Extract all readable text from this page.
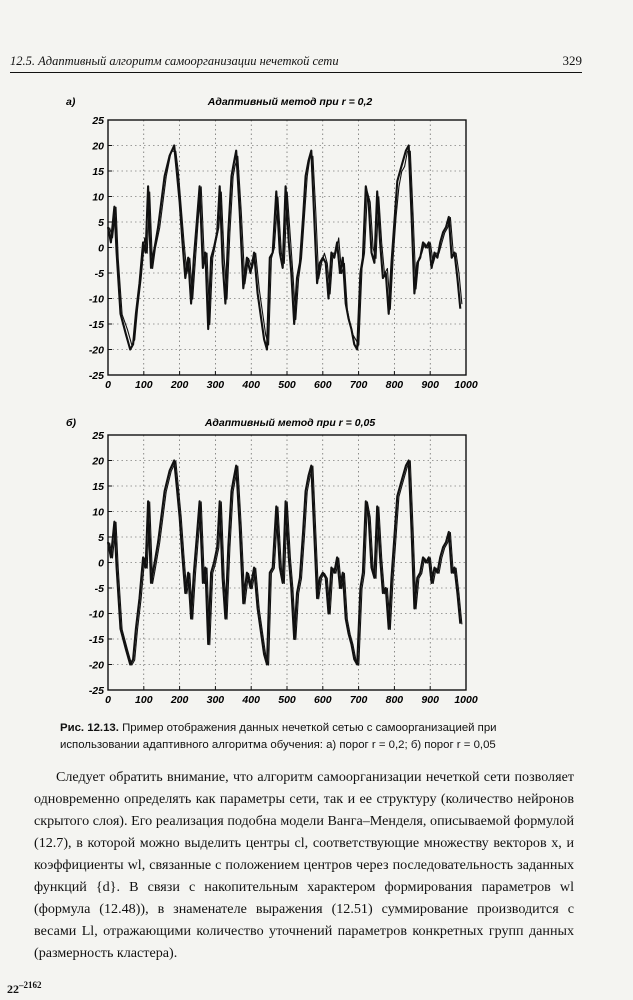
12.5. Адаптивный алгоритм самоорганизации нечеткой сети	329
a)	Адаптивный метод при r = 0,2
0 100 200 300 400 500 600 700 800 900 1000
25
20
15
10
5
0
-5
-10
-15
-20
-25
б)	Адаптивный метод при r = 0,05
0 100 200 300 400 500 600 700 800 900 1000
25
20
15
10
5
0
-5
-10
-15
-20
-25
Рис. 12.13. Пример отображения данных нечеткой сетью с самоорганизацией при
использовании адаптивного алгоритма обучения: а) порог r = 0,2; б) порог r = 0,05

Следует обратить внимание, что алгоритм самоорганизации нечеткой сети позволяет одновременно определять как параметры сети, так и ее структуру (количество нейронов скрытого слоя). Его реализация подобна модели Ванга–Менделя, описываемой формулой (12.7), в которой можно выделить центры cl, соответствующие множеству векторов x, и коэффициенты wl, связанные с положением центров через последовательность заданных функций {d}. В связи с накопительным характером формирования параметров wl (формула (12.48)), в знаменателе выражения (12.51) суммирование производится с весами Ll, отражающими количество уточнений параметров конкретных групп данных (размерность кластера).

$22^{-2162}$
